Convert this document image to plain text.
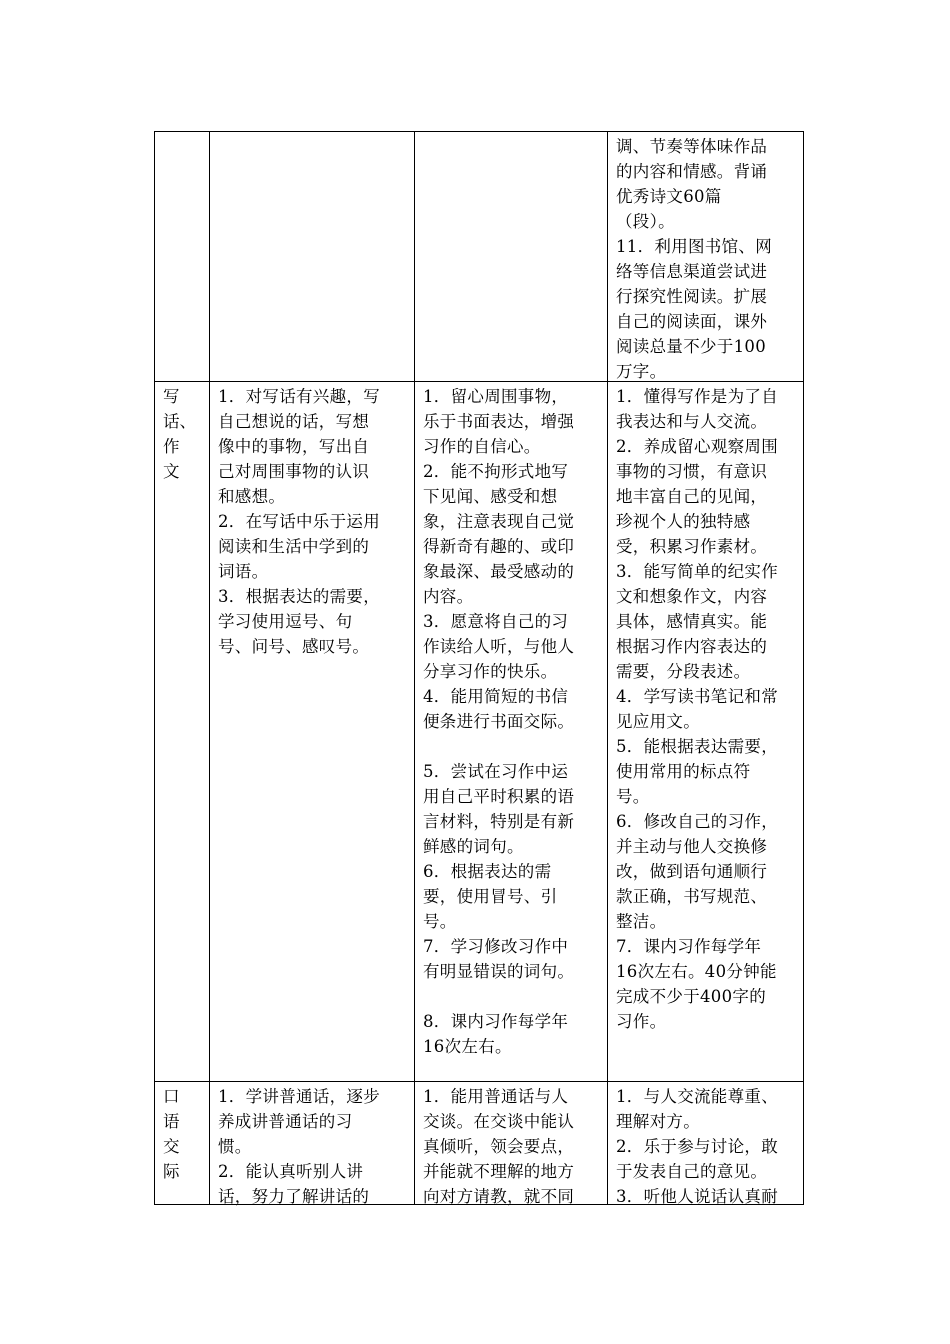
调、节奏等体味作品
的内容和情感。背诵
优秀诗文60篇
（段）。
11．利用图书馆、网
络等信息渠道尝试进
行探究性阅读。扩展
自己的阅读面，课外
阅读总量不少于100
万字。
写
话、
作
文
1．对写话有兴趣，写
自己想说的话，写想
像中的事物，写出自
己对周围事物的认识
和感想。
2．在写话中乐于运用
阅读和生活中学到的
词语。
3．根据表达的需要，
学习使用逗号、句
号、问号、感叹号。
1．留心周围事物，
乐于书面表达，增强
习作的自信心。
2．能不拘形式地写
下见闻、感受和想
象，注意表现自己觉
得新奇有趣的、或印
象最深、最受感动的
内容。
3．愿意将自己的习
作读给人听，与他人
分享习作的快乐。
4．能用简短的书信
便条进行书面交际。
5．尝试在习作中运
用自己平时积累的语
言材料，特别是有新
鲜感的词句。
6．根据表达的需
要，使用冒号、引
号。
7．学习修改习作中
有明显错误的词句。
8．课内习作每学年
16次左右。
1．懂得写作是为了自
我表达和与人交流。
2．养成留心观察周围
事物的习惯，有意识
地丰富自己的见闻，
珍视个人的独特感
受，积累习作素材。
3．能写简单的纪实作
文和想象作文，内容
具体，感情真实。能
根据习作内容表达的
需要，分段表述。
4．学写读书笔记和常
见应用文。
5．能根据表达需要，
使用常用的标点符
号。
6．修改自己的习作，
并主动与他人交换修
改，做到语句通顺行
款正确，书写规范、
整洁。
7．课内习作每学年
16次左右。40分钟能
完成不少于400字的
习作。
口
语
交
际
1．学讲普通话，逐步
养成讲普通话的习
惯。
2．能认真听别人讲
话，努力了解讲话的
1．能用普通话与人
交谈。在交谈中能认
真倾听，领会要点，
并能就不理解的地方
向对方请教，就不同
1．与人交流能尊重、
理解对方。
2．乐于参与讨论，敢
于发表自己的意见。
3．听他人说话认真耐
